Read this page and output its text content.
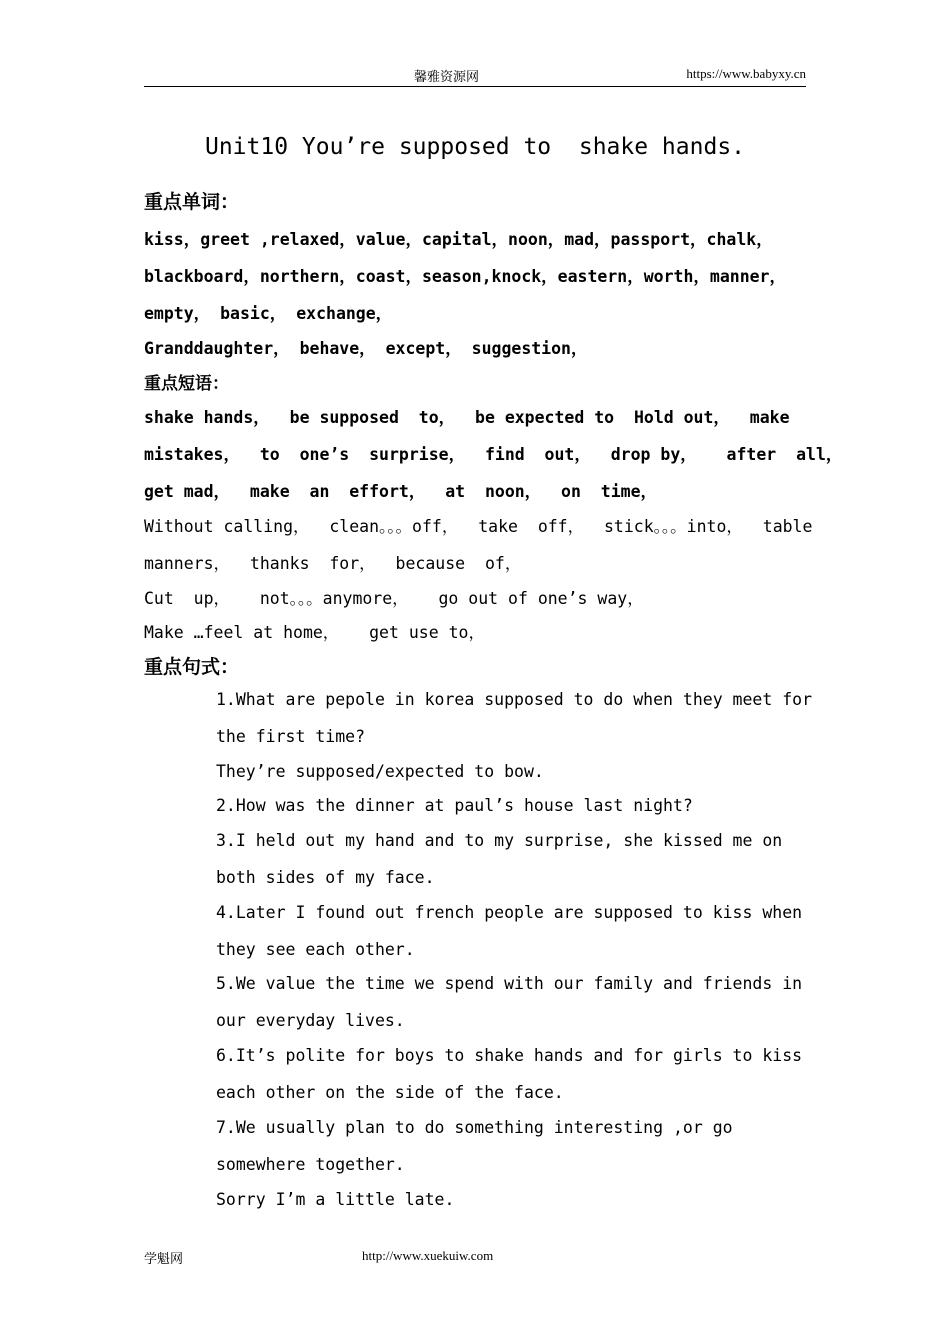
馨雅资源网	https://www.babyxy.cn
Unit10 You’re supposed to  shake hands.
重点单词：
kiss，greet ,relaxed，value，capital，noon，mad，passport，chalk，
blackboard，northern，coast，season,knock，eastern，worth，manner，
empty， basic， exchange，
Granddaughter， behave， except， suggestion，
重点短语：
shake hands，  be supposed  to，  be expected to  Hold out，  make
mistakes，  to  one’s  surprise，  find  out，  drop by，   after  all，
get mad，  make  an  effort，  at  noon，  on  time，
Without calling，  clean。。。off，  take  off，  stick。。。into，  table
manners，  thanks  for，  because  of，
Cut  up，   not。。。anymore，   go out of one’s way，
Make …feel at home，   get use to，
重点句式：
1.What are pepole in korea supposed to do when they meet for
the first time?
They’re supposed/expected to bow.
2.How was the dinner at paul’s house last night?
3.I held out my hand and to my surprise, she kissed me on
both sides of my face.
4.Later I found out french people are supposed to kiss when
they see each other.
5.We value the time we spend with our family and friends in
our everyday lives.
6.It’s polite for boys to shake hands and for girls to kiss
each other on the side of the face.
7.We usually plan to do something interesting ,or go
somewhere together.
Sorry I’m a little late.
学魁网	http://www.xuekuiw.com
